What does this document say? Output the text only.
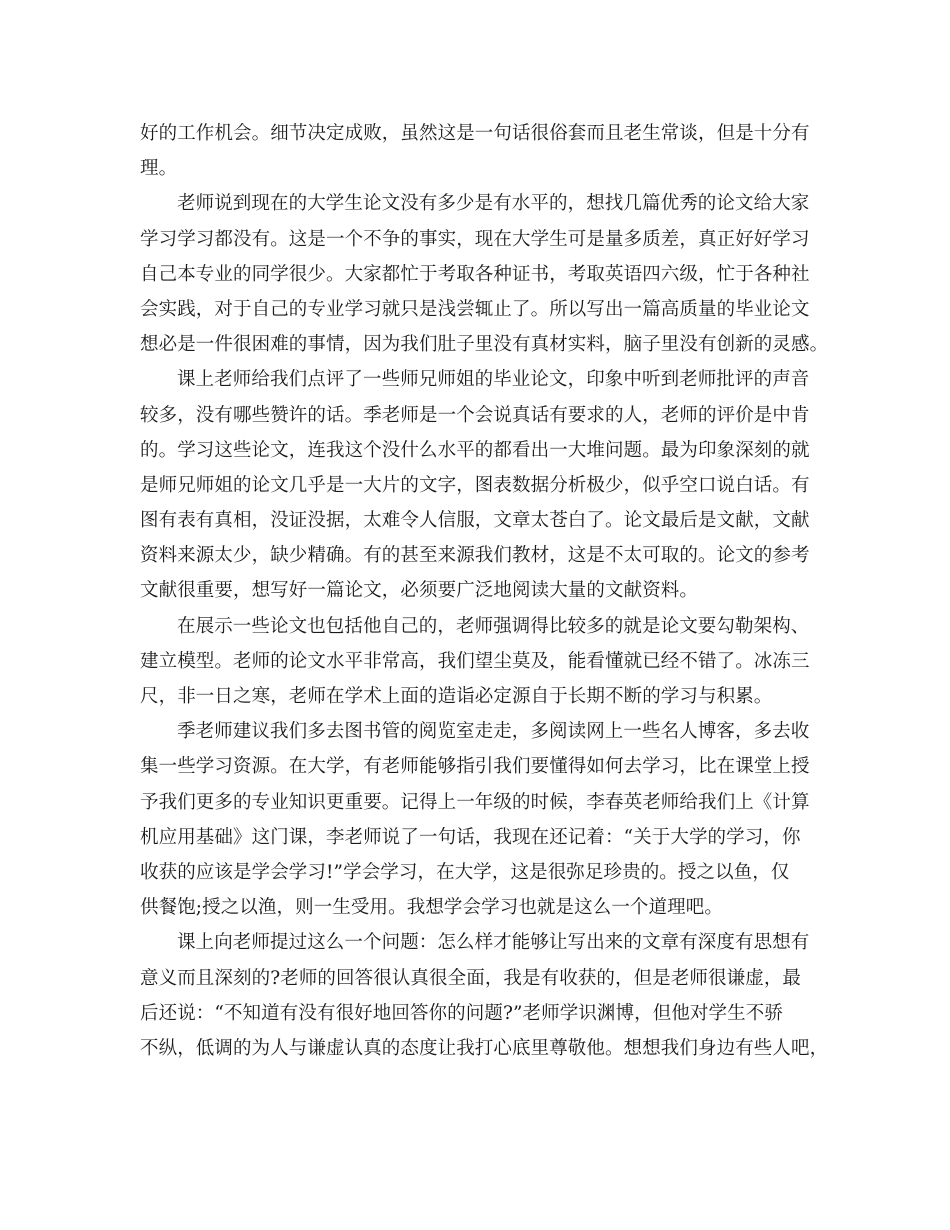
好的工作机会。细节决定成败，虽然这是一句话很俗套而且老生常谈，但是十分有
理。
老师说到现在的大学生论文没有多少是有水平的，想找几篇优秀的论文给大家
学习学习都没有。这是一个不争的事实，现在大学生可是量多质差，真正好好学习
自己本专业的同学很少。大家都忙于考取各种证书，考取英语四六级，忙于各种社
会实践，对于自己的专业学习就只是浅尝辄止了。所以写出一篇高质量的毕业论文
想必是一件很困难的事情，因为我们肚子里没有真材实料，脑子里没有创新的灵感。
课上老师给我们点评了一些师兄师姐的毕业论文，印象中听到老师批评的声音
较多，没有哪些赞许的话。季老师是一个会说真话有要求的人，老师的评价是中肯
的。学习这些论文，连我这个没什么水平的都看出一大堆问题。最为印象深刻的就
是师兄师姐的论文几乎是一大片的文字，图表数据分析极少，似乎空口说白话。有
图有表有真相，没证没据，太难令人信服，文章太苍白了。论文最后是文献，文献
资料来源太少，缺少精确。有的甚至来源我们教材，这是不太可取的。论文的参考
文献很重要，想写好一篇论文，必须要广泛地阅读大量的文献资料。
在展示一些论文也包括他自己的，老师强调得比较多的就是论文要勾勒架构、
建立模型。老师的论文水平非常高，我们望尘莫及，能看懂就已经不错了。冰冻三
尺，非一日之寒，老师在学术上面的造诣必定源自于长期不断的学习与积累。
季老师建议我们多去图书管的阅览室走走，多阅读网上一些名人博客，多去收
集一些学习资源。在大学，有老师能够指引我们要懂得如何去学习，比在课堂上授
予我们更多的专业知识更重要。记得上一年级的时候，李春英老师给我们上《计算
机应用基础》这门课，李老师说了一句话，我现在还记着：“关于大学的学习，你
收获的应该是学会学习!”学会学习，在大学，这是很弥足珍贵的。授之以鱼，仅
供餐饱;授之以渔，则一生受用。我想学会学习也就是这么一个道理吧。
课上向老师提过这么一个问题：怎么样才能够让写出来的文章有深度有思想有
意义而且深刻的?老师的回答很认真很全面，我是有收获的，但是老师很谦虚，最
后还说：“不知道有没有很好地回答你的问题?”老师学识渊博，但他对学生不骄
不纵，低调的为人与谦虚认真的态度让我打心底里尊敬他。想想我们身边有些人吧，
